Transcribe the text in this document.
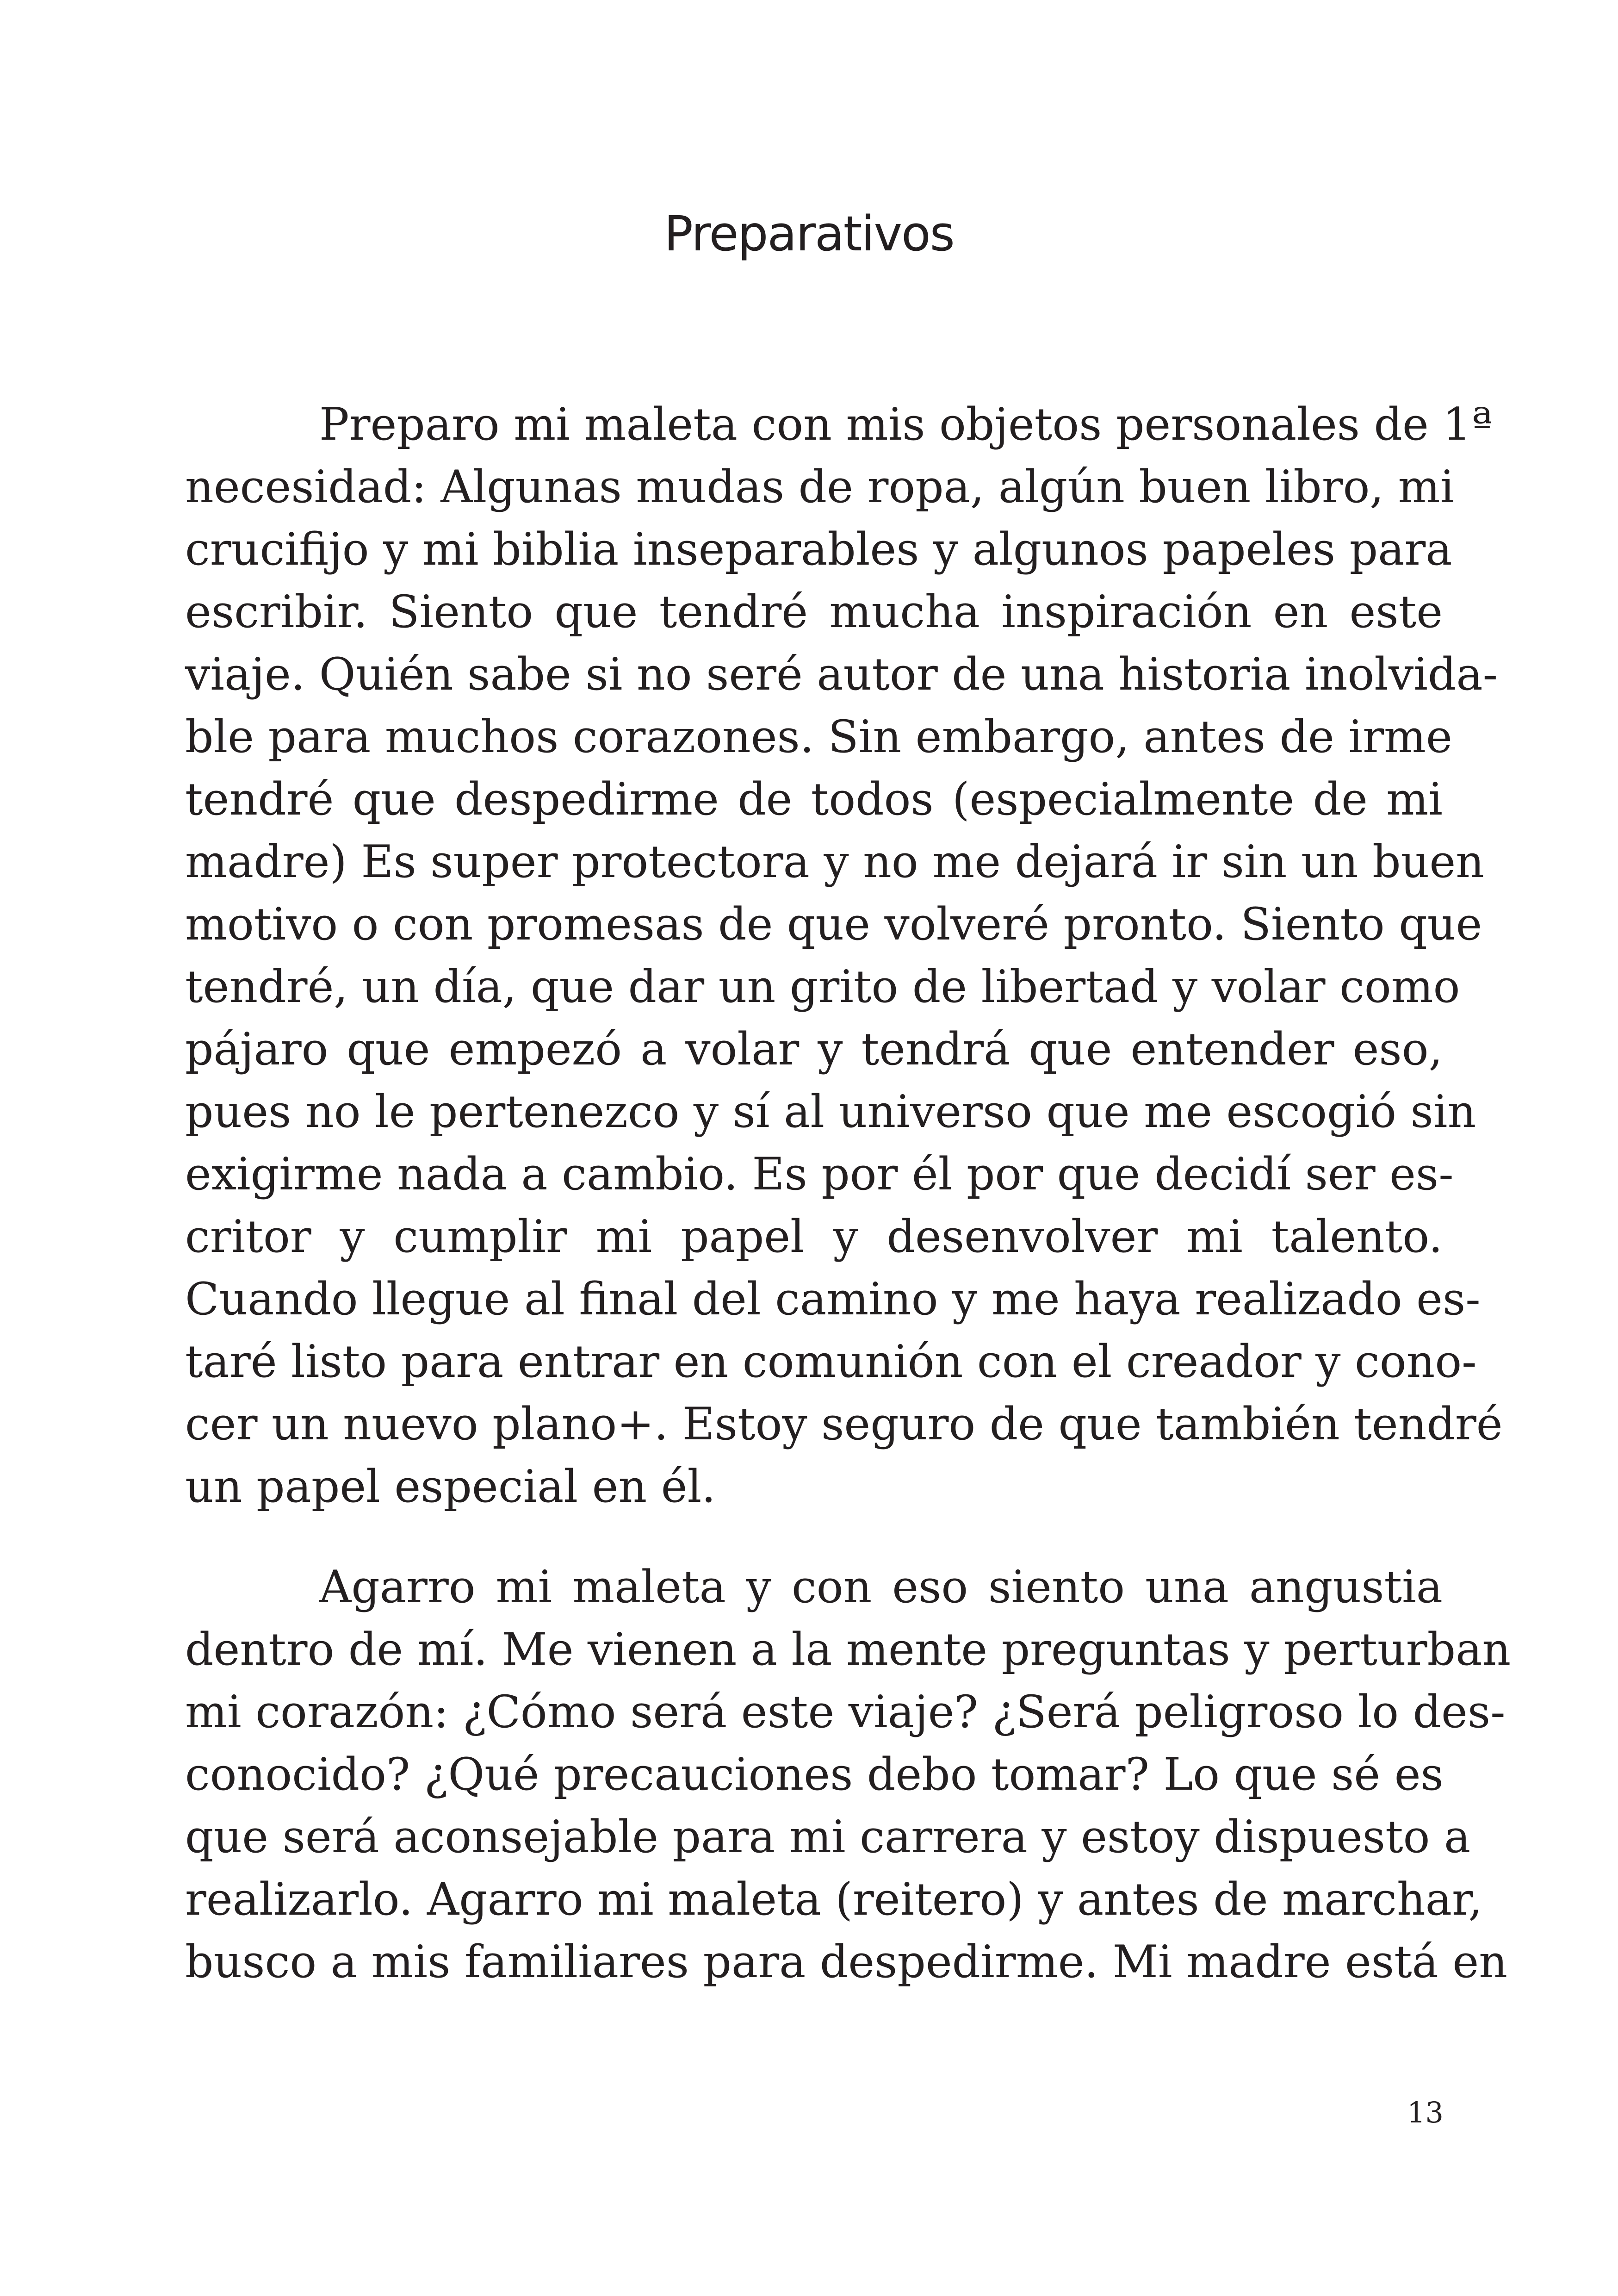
Preparativos
Preparo mi maleta con mis objetos personales de 1ª
necesidad: Algunas mudas de ropa, algún buen libro, mi
crucifijo y mi biblia inseparables y algunos papeles para
escribir. Siento que tendré mucha inspiración en este
viaje. Quién sabe si no seré autor de una historia inolvida-
ble para muchos corazones. Sin embargo, antes de irme
tendré que despedirme de todos (especialmente de mi
madre) Es super protectora y no me dejará ir sin un buen
motivo o con promesas de que volveré pronto. Siento que
tendré, un día, que dar un grito de libertad y volar como
pájaro que empezó a volar y tendrá que entender eso,
pues no le pertenezco y sí al universo que me escogió sin
exigirme nada a cambio. Es por él por que decidí ser es-
critor y cumplir mi papel y desenvolver mi talento.
Cuando llegue al final del camino y me haya realizado es-
taré listo para entrar en comunión con el creador y cono-
cer un nuevo plano+. Estoy seguro de que también tendré
un papel especial en él.
Agarro mi maleta y con eso siento una angustia
dentro de mí. Me vienen a la mente preguntas y perturban
mi corazón: ¿Cómo será este viaje? ¿Será peligroso lo des-
conocido? ¿Qué precauciones debo tomar? Lo que sé es
que será aconsejable para mi carrera y estoy dispuesto a
realizarlo. Agarro mi maleta (reitero) y antes de marchar,
busco a mis familiares para despedirme. Mi madre está en
13
